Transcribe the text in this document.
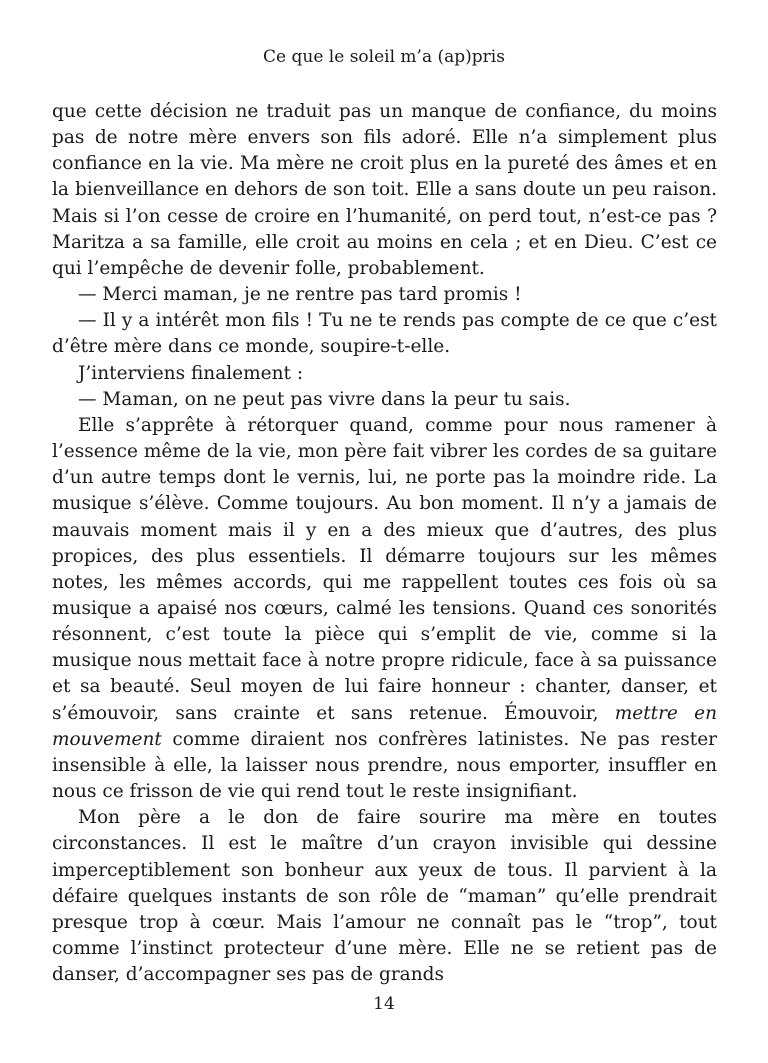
Ce que le soleil m’a (ap)pris

que cette décision ne traduit pas un manque de confiance, du moins pas de notre mère envers son fils adoré. Elle n’a simplement plus confiance en la vie. Ma mère ne croit plus en la pureté des âmes et en la bienveillance en dehors de son toit. Elle a sans doute un peu raison. Mais si l’on cesse de croire en l’humanité, on perd tout, n’est-ce pas ? Maritza a sa famille, elle croit au moins en cela ; et en Dieu. C’est ce qui l’empêche de devenir folle, probablement.

— Merci maman, je ne rentre pas tard promis !

— Il y a intérêt mon fils ! Tu ne te rends pas compte de ce que c’est d’être mère dans ce monde, soupire-t-elle.

J’interviens finalement :

— Maman, on ne peut pas vivre dans la peur tu sais.

Elle s’apprête à rétorquer quand, comme pour nous ramener à l’essence même de la vie, mon père fait vibrer les cordes de sa guitare d’un autre temps dont le vernis, lui, ne porte pas la moindre ride. La musique s’élève. Comme toujours. Au bon moment. Il n’y a jamais de mauvais moment mais il y en a des mieux que d’autres, des plus propices, des plus essentiels. Il démarre toujours sur les mêmes notes, les mêmes accords, qui me rappellent toutes ces fois où sa musique a apaisé nos cœurs, calmé les tensions. Quand ces sonorités résonnent, c’est toute la pièce qui s’emplit de vie, comme si la musique nous mettait face à notre propre ridicule, face à sa puissance et sa beauté. Seul moyen de lui faire honneur : chanter, danser, et s’émouvoir, sans crainte et sans retenue. Émouvoir, mettre en mouvement comme diraient nos confrères latinistes. Ne pas rester insensible à elle, la laisser nous prendre, nous emporter, insuffler en nous ce frisson de vie qui rend tout le reste insignifiant.

Mon père a le don de faire sourire ma mère en toutes circonstances. Il est le maître d’un crayon invisible qui dessine imperceptiblement son bonheur aux yeux de tous. Il parvient à la défaire quelques instants de son rôle de “maman” qu’elle prendrait presque trop à cœur. Mais l’amour ne connaît pas le “trop”, tout comme l’instinct protecteur d’une mère. Elle ne se retient pas de danser, d’accompagner ses pas de grands

14
